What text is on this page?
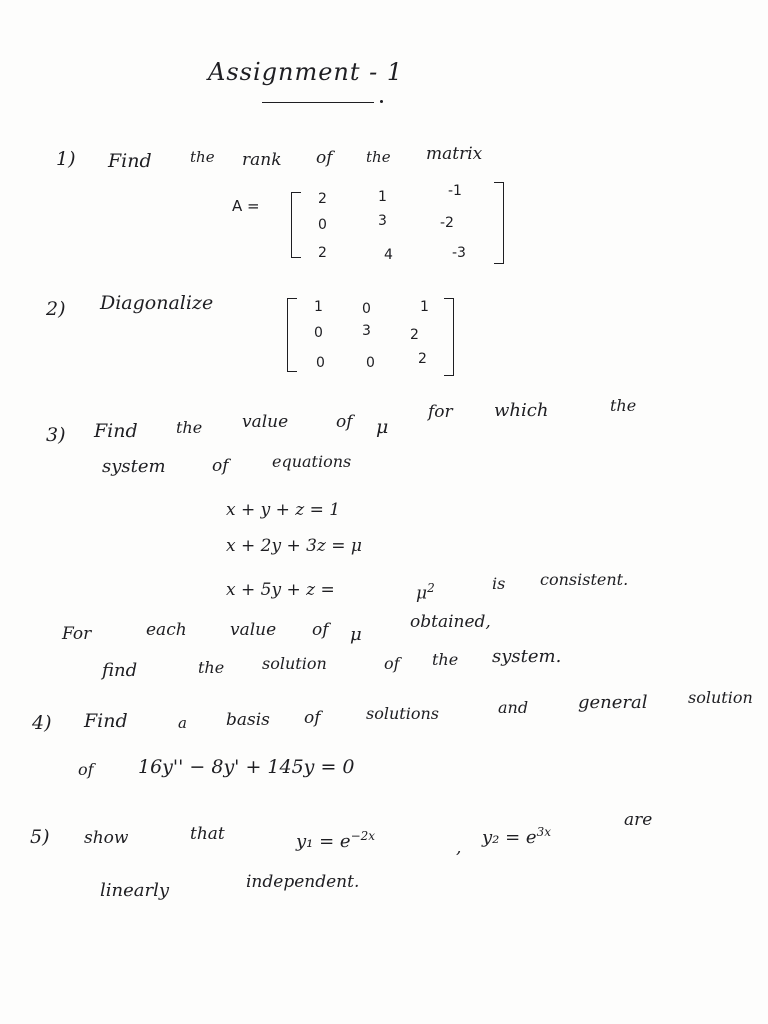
Assignment - 1
1) Find	the rank of the matrix
A =	2	1	-1
0	3	-2
2	4	-3
2) Diagonalize	1	0	1
0	3	2
0	0	2
3) Find the value	of μ
for which	the
system	of	equations
x + y + z = 1
x + 2y + 3z = μ
x + 5y + z =	$\mu^2$	is consistent.
For	each	value of μ
obtained,
find	the solution	of the system.
4) Find	a basis of	solutions	and	general	solution
of 16y'' − 8y' + 145y = 0
5) show	that	$y_1 = e^{-2x}$
, $y_2 = e^{3x}$
are
linearly	independent.
